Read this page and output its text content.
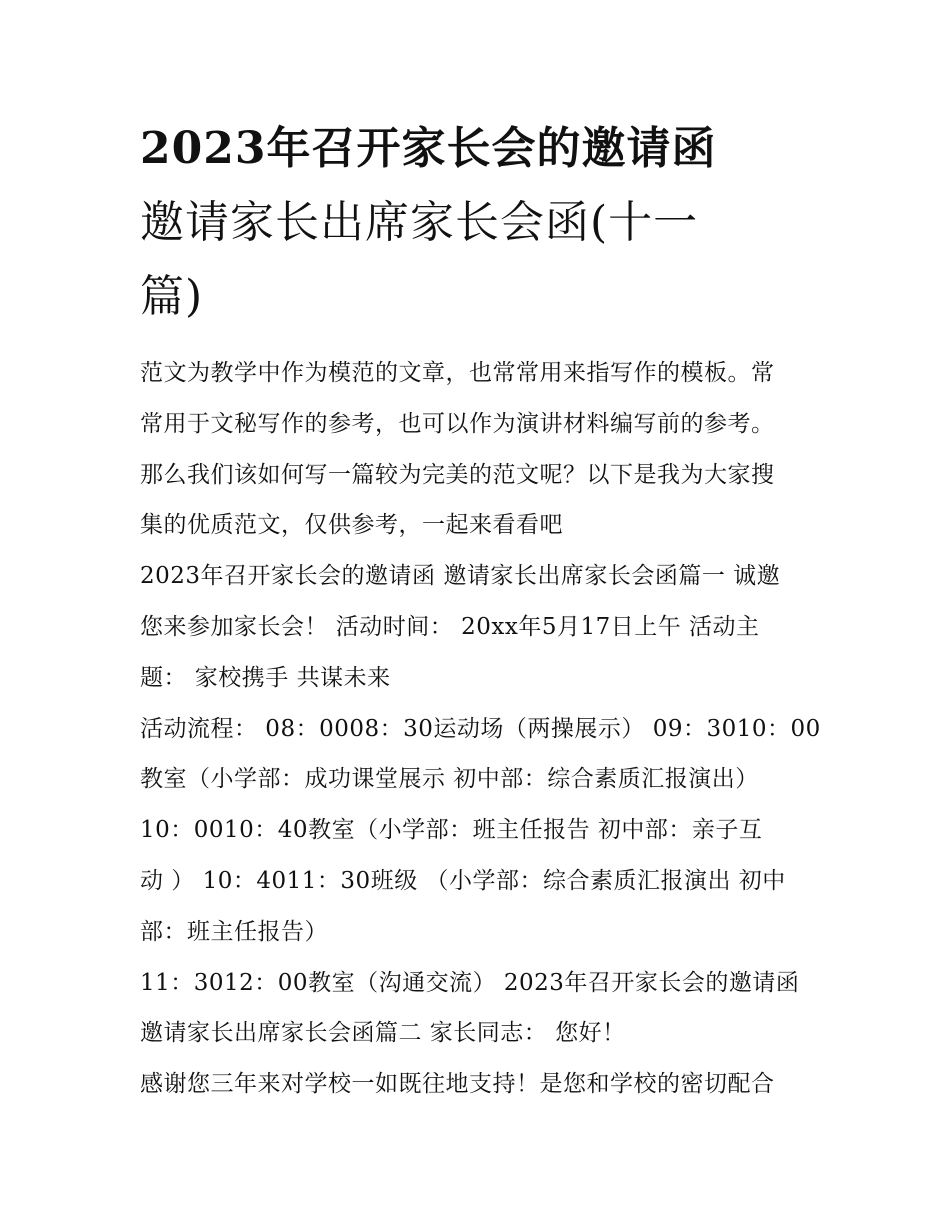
2023年召开家长会的邀请函
邀请家长出席家长会函(十一
篇)

范文为教学中作为模范的文章，也常常用来指写作的模板。常
常用于文秘写作的参考，也可以作为演讲材料编写前的参考。
那么我们该如何写一篇较为完美的范文呢？以下是我为大家搜
集的优质范文，仅供参考，一起来看看吧

2023年召开家长会的邀请函 邀请家长出席家长会函篇一 诚邀
您来参加家长会！ 活动时间： 20xx年5月17日上午 活动主
题： 家校携手 共谋未来

活动流程： 08：0008：30运动场（两操展示） 09：3010：00
教室（小学部：成功课堂展示 初中部：综合素质汇报演出）
10：0010：40教室（小学部：班主任报告 初中部：亲子互
动 ） 10：4011：30班级 （小学部：综合素质汇报演出 初中
部：班主任报告）

11：3012：00教室（沟通交流） 2023年召开家长会的邀请函
邀请家长出席家长会函篇二 家长同志： 您好！

感谢您三年来对学校一如既往地支持！是您和学校的密切配合
